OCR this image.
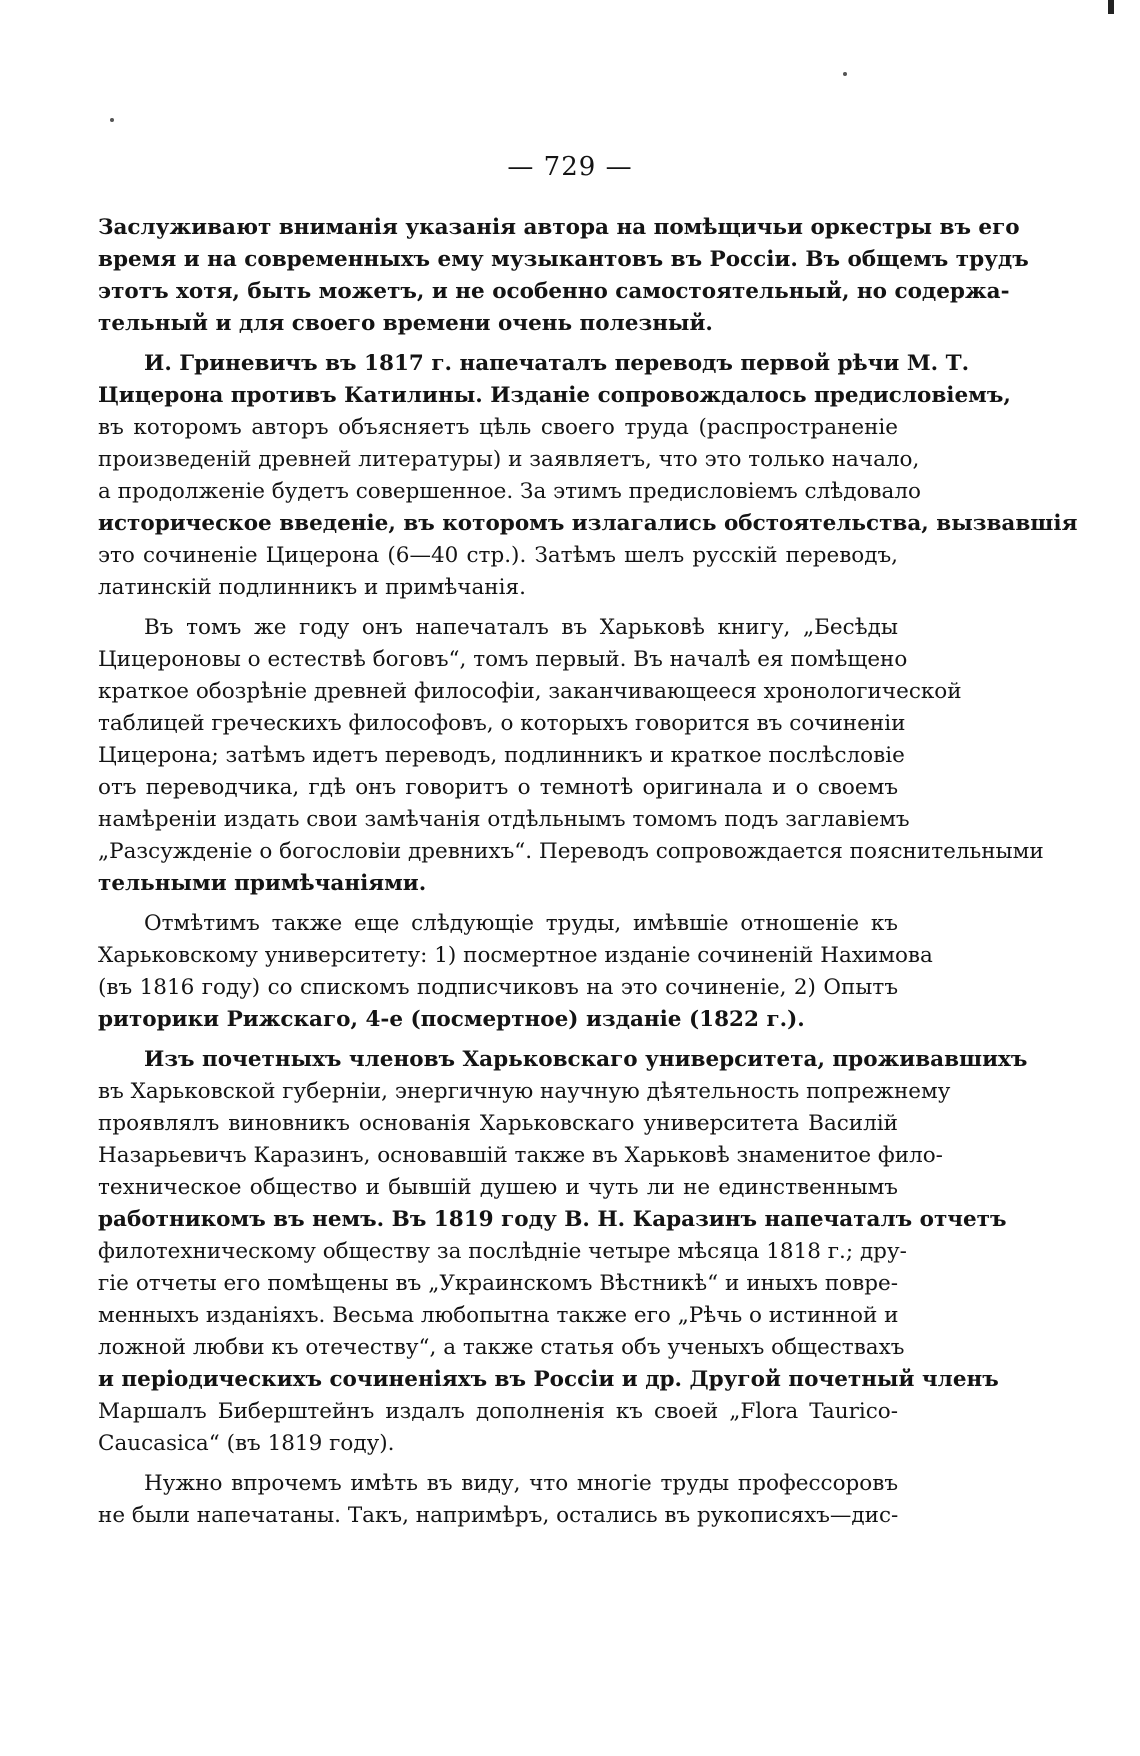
— 729 —
Заслуживают вниманія указанія автора на помѣщичьи оркестры въ его
время и на современныхъ ему музыкантовъ въ Россіи. Въ общемъ трудъ
этотъ хотя, быть можетъ, и не особенно самостоятельный, но содержа-
тельный и для своего времени очень полезный.
И. Гриневичъ въ 1817 г. напечаталъ переводъ первой рѣчи М. Т.
Цицерона противъ Катилины. Изданіе сопровождалось предисловіемъ,
въ которомъ авторъ объясняетъ цѣль своего труда (распространеніе
произведеній древней литературы) и заявляетъ, что это только начало,
а продолженіе будетъ совершенное. За этимъ предисловіемъ слѣдовало
историческое введеніе, въ которомъ излагались обстоятельства, вызвавшія
это сочиненіе Цицерона (6—40 стр.). Затѣмъ шелъ русскій переводъ,
латинскій подлинникъ и примѣчанія.
Въ томъ же году онъ напечаталъ въ Харьковѣ книгу, „Бесѣды
Цицероновы о естествѣ боговъ“, томъ первый. Въ началѣ ея помѣщено
краткое обозрѣніе древней философіи, заканчивающееся хронологической
таблицей греческихъ философовъ, о которыхъ говорится въ сочиненіи
Цицерона; затѣмъ идетъ переводъ, подлинникъ и краткое послѣсловіе
отъ переводчика, гдѣ онъ говоритъ о темнотѣ оригинала и о своемъ
намѣреніи издать свои замѣчанія отдѣльнымъ томомъ подъ заглавіемъ
„Разсужденіе о богословіи древнихъ“. Переводъ сопровождается пояснительными
тельными примѣчаніями.
Отмѣтимъ также еще слѣдующіе труды, имѣвшіе отношеніе къ
Харьковскому университету: 1) посмертное изданіе сочиненій Нахимова
(въ 1816 году) со спискомъ подписчиковъ на это сочиненіе, 2) Опытъ
риторики Рижскаго, 4-е (посмертное) изданіе (1822 г.).
Изъ почетныхъ членовъ Харьковскаго университета, проживавшихъ
въ Харьковской губерніи, энергичную научную дѣятельность попрежнему
проявлялъ виновникъ основанія Харьковскаго университета Василій
Назарьевичъ Каразинъ, основавшій также въ Харьковѣ знаменитое фило-
техническое общество и бывшій душею и чуть ли не единственнымъ
работникомъ въ немъ. Въ 1819 году В. Н. Каразинъ напечаталъ отчетъ
филотехническому обществу за послѣдніе четыре мѣсяца 1818 г.; дру-
гіе отчеты его помѣщены въ „Украинскомъ Вѣстникѣ“ и иныхъ повре-
менныхъ изданіяхъ. Весьма любопытна также его „Рѣчь о истинной и
ложной любви къ отечеству“, а также статья объ ученыхъ обществахъ
и періодическихъ сочиненіяхъ въ Россіи и др. Другой почетный членъ
Маршалъ Биберштейнъ издалъ дополненія къ своей „Flora Taurico-
Caucasica“ (въ 1819 году).
Нужно впрочемъ имѣть въ виду, что многіе труды профессоровъ
не были напечатаны. Такъ, напримѣръ, остались въ рукописяхъ—дис-
